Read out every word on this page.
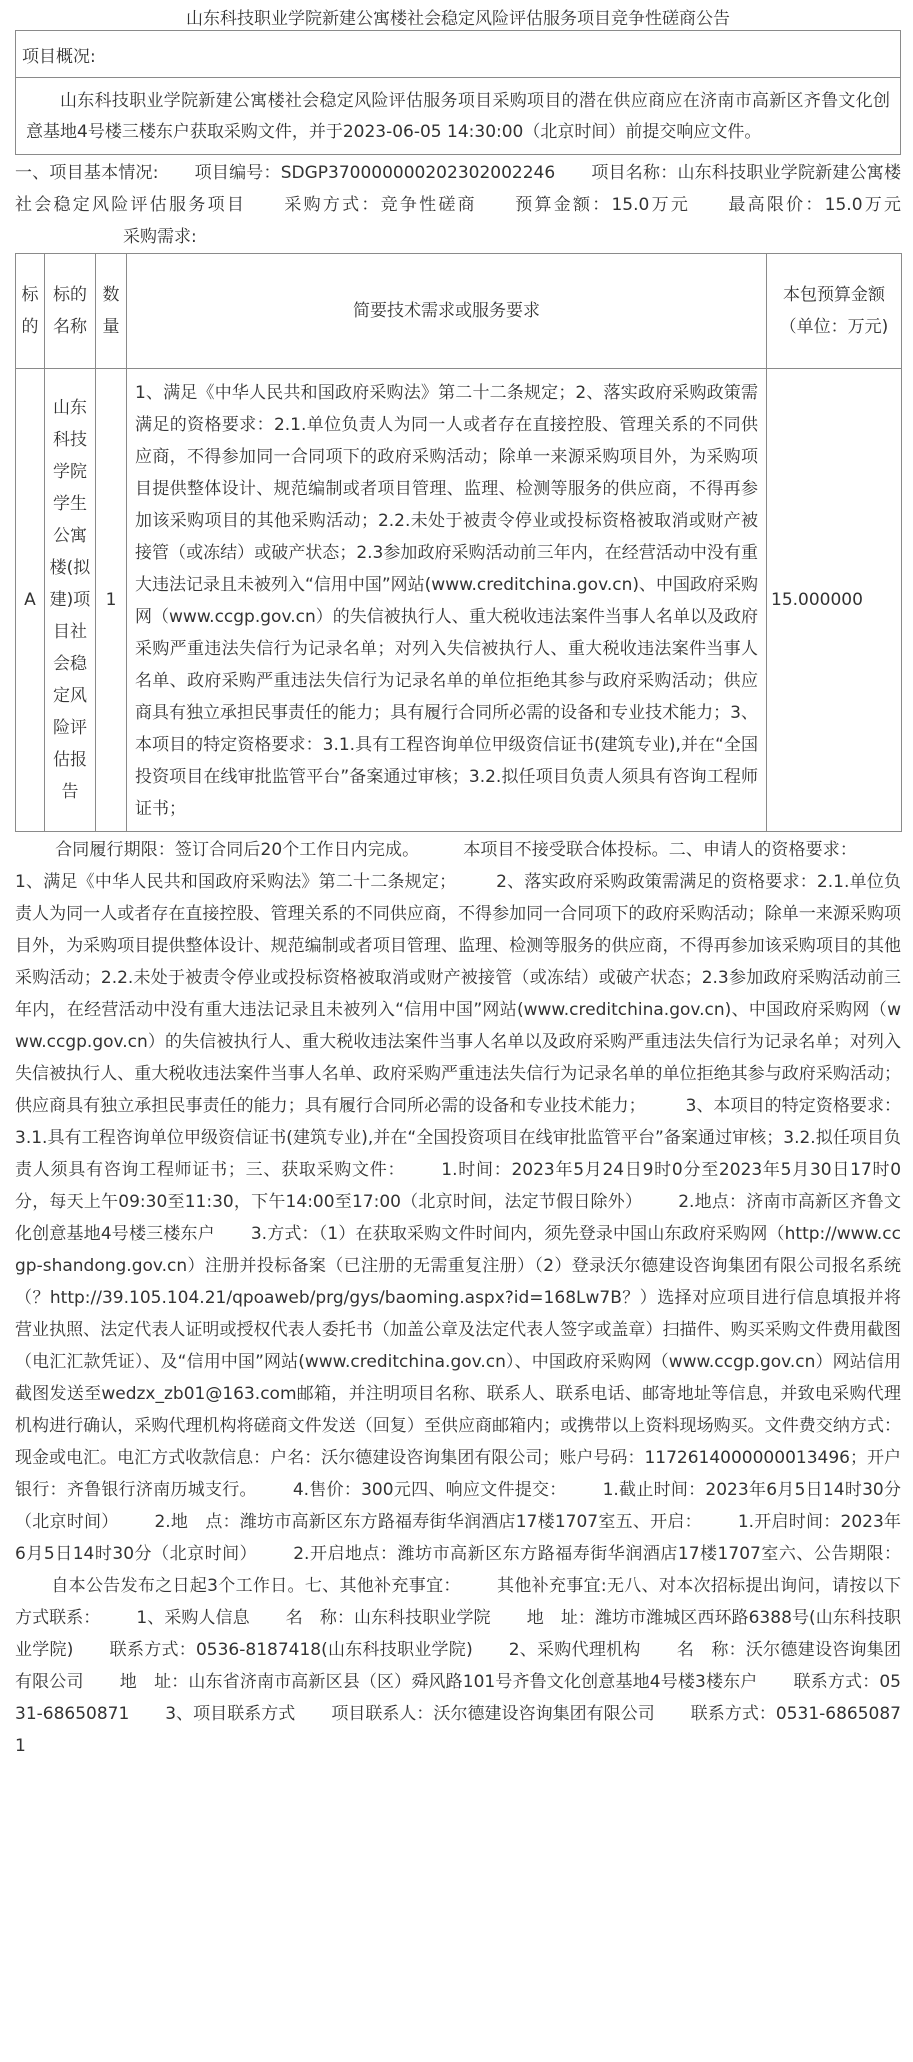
山东科技职业学院新建公寓楼社会稳定风险评估服务项目竞争性磋商公告
项目概况:
山东科技职业学院新建公寓楼社会稳定风险评估服务项目采购项目的潜在供应商应在济南市高新区齐鲁文化创意基地4号楼三楼东户获取采购文件，并于2023-06-05 14:30:00（北京时间）前提交响应文件。
一、项目基本情况: 项目编号：SDGP370000000202302002246 项目名称：山东科技职业学院新建公寓楼社会稳定风险评估服务项目 采购方式：竞争性磋商 预算金额：15.0万元 最高限价：15.0万元采购需求:
标的	标的名称	数量	简要技术需求或服务要求	本包预算金额（单位：万元)
A	山东科技学院学生公寓楼(拟建)项目社会稳定风险评估报告	1	1、满足《中华人民共和国政府采购法》第二十二条规定；2、落实政府采购政策需满足的资格要求：2.1.单位负责人为同一人或者存在直接控股、管理关系的不同供应商，不得参加同一合同项下的政府采购活动；除单一来源采购项目外，为采购项目提供整体设计、规范编制或者项目管理、监理、检测等服务的供应商，不得再参加该采购项目的其他采购活动；2.2.未处于被责令停业或投标资格被取消或财产被接管（或冻结）或破产状态；2.3参加政府采购活动前三年内，在经营活动中没有重大违法记录且未被列入“信用中国”网站(www.creditchina.gov.cn)、中国政府采购网（www.ccgp.gov.cn）的失信被执行人、重大税收违法案件当事人名单以及政府采购严重违法失信行为记录名单；对列入失信被执行人、重大税收违法案件当事人名单、政府采购严重违法失信行为记录名单的单位拒绝其参与政府采购活动；供应商具有独立承担民事责任的能力；具有履行合同所必需的设备和专业技术能力；3、本项目的特定资格要求：3.1.具有工程咨询单位甲级资信证书(建筑专业),并在“全国投资项目在线审批监管平台”备案通过审核；3.2.拟任项目负责人须具有咨询工程师证书；	15.000000
合同履行期限：签订合同后20个工作日内完成。	本项目不接受联合体投标。二、申请人的资格要求：1、满足《中华人民共和国政府采购法》第二十二条规定； 2、落实政府采购政策需满足的资格要求：2.1.单位负责人为同一人或者存在直接控股、管理关系的不同供应商，不得参加同一合同项下的政府采购活动；除单一来源采购项目外，为采购项目提供整体设计、规范编制或者项目管理、监理、检测等服务的供应商，不得再参加该采购项目的其他采购活动；2.2.未处于被责令停业或投标资格被取消或财产被接管（或冻结）或破产状态；2.3参加政府采购活动前三年内，在经营活动中没有重大违法记录且未被列入“信用中国”网站(www.creditchina.gov.cn)、中国政府采购网（www.ccgp.gov.cn）的失信被执行人、重大税收违法案件当事人名单以及政府采购严重违法失信行为记录名单；对列入失信被执行人、重大税收违法案件当事人名单、政府采购严重违法失信行为记录名单的单位拒绝其参与政府采购活动；供应商具有独立承担民事责任的能力；具有履行合同所必需的设备和专业技术能力； 3、本项目的特定资格要求：3.1.具有工程咨询单位甲级资信证书(建筑专业),并在“全国投资项目在线审批监管平台”备案通过审核；3.2.拟任项目负责人须具有咨询工程师证书；三、获取采购文件： 1.时间：2023年5月24日9时0分至2023年5月30日17时0分，每天上午09:30至11:30，下午14:00至17:00（北京时间，法定节假日除外） 2.地点：济南市高新区齐鲁文化创意基地4号楼三楼东户 3.方式：（1）在获取采购文件时间内，须先登录中国山东政府采购网（http://www.ccgp-shandong.gov.cn）注册并投标备案（已注册的无需重复注册）（2）登录沃尔德建设咨询集团有限公司报名系统（？http://39.105.104.21/qpoaweb/prg/gys/baoming.aspx?id=168Lw7B？）选择对应项目进行信息填报并将营业执照、法定代表人证明或授权代表人委托书（加盖公章及法定代表人签字或盖章）扫描件、购买采购文件费用截图（电汇汇款凭证）、及“信用中国”网站(www.creditchina.gov.cn）、中国政府采购网（www.ccgp.gov.cn）网站信用截图发送至wedzx_zb01@163.com邮箱，并注明项目名称、联系人、联系电话、邮寄地址等信息，并致电采购代理机构进行确认，采购代理机构将磋商文件发送（回复）至供应商邮箱内；或携带以上资料现场购买。文件费交纳方式：现金或电汇。电汇方式收款信息：户名：沃尔德建设咨询集团有限公司；账户号码：1172614000000013496；开户银行：齐鲁银行济南历城支行。 4.售价：300元四、响应文件提交： 1.截止时间：2023年6月5日14时30分（北京时间） 2.地　点：潍坊市高新区东方路福寿街华润酒店17楼1707室五、开启： 1.开启时间：2023年6月5日14时30分（北京时间） 2.开启地点：潍坊市高新区东方路福寿街华润酒店17楼1707室六、公告期限：自本公告发布之日起3个工作日。七、其他补充事宜： 其他补充事宜:无八、对本次招标提出询问，请按以下方式联系： 1、采购人信息 名　称：山东科技职业学院 地　址：潍坊市潍城区西环路6388号(山东科技职业学院) 联系方式：0536-8187418(山东科技职业学院) 2、采购代理机构 名　称：沃尔德建设咨询集团有限公司 地　址：山东省济南市高新区县（区）舜风路101号齐鲁文化创意基地4号楼3楼东户 联系方式：0531-68650871 3、项目联系方式 项目联系人：沃尔德建设咨询集团有限公司 联系方式：0531-68650871
